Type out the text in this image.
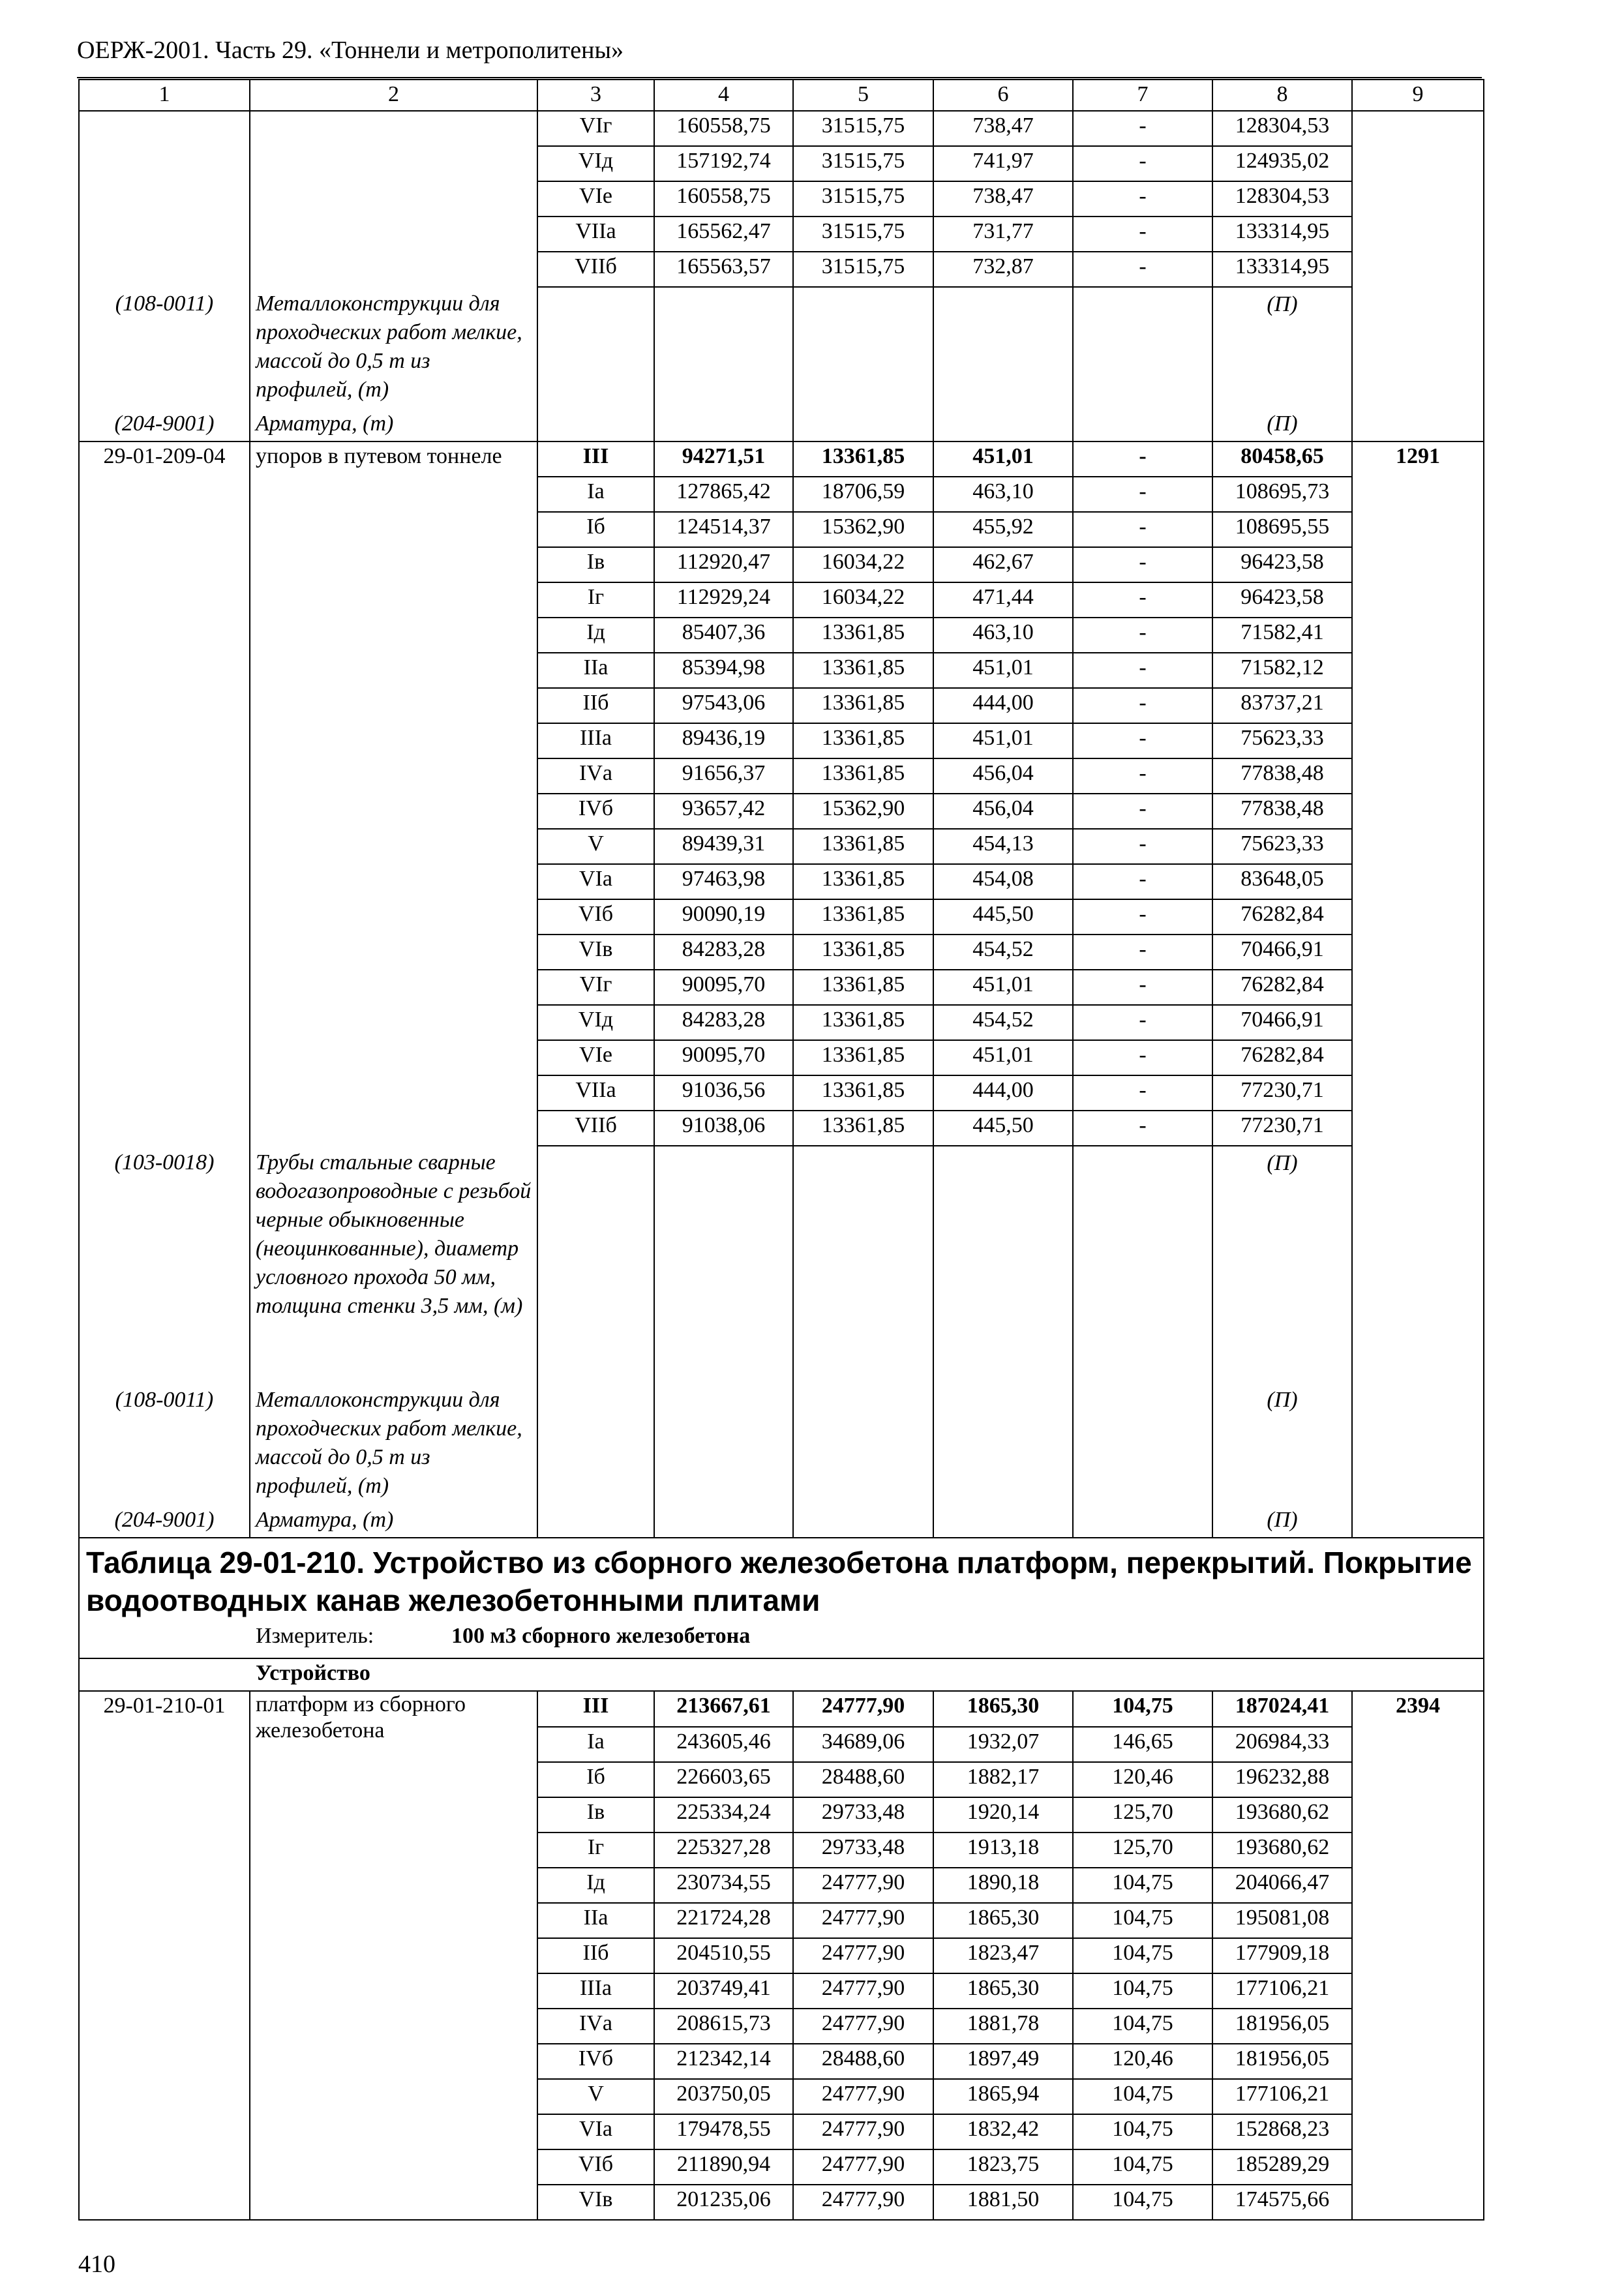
ОЕРЖ-2001. Часть 29. «Тоннели и метрополитены»
1	2	3	4	5	6	7	8	9
		VIг	160558,75	31515,75	738,47	-	128304,53	
		VIд	157192,74	31515,75	741,97	-	124935,02	
		VIе	160558,75	31515,75	738,47	-	128304,53	
		VIIа	165562,47	31515,75	731,77	-	133314,95	
		VIIб	165563,57	31515,75	732,87	-	133314,95	
(108-0011)	Металлоконструкции для проходческих работ мелкие, массой до 0,5 т из профилей, (т)						(П)	
(204-9001)	Арматура, (т)						(П)	
29-01-209-04	упоров в путевом тоннеле	III	94271,51	13361,85	451,01	-	80458,65	1291
		Iа	127865,42	18706,59	463,10	-	108695,73	
		Iб	124514,37	15362,90	455,92	-	108695,55	
		Iв	112920,47	16034,22	462,67	-	96423,58	
		Iг	112929,24	16034,22	471,44	-	96423,58	
		Iд	85407,36	13361,85	463,10	-	71582,41	
		IIа	85394,98	13361,85	451,01	-	71582,12	
		IIб	97543,06	13361,85	444,00	-	83737,21	
		IIIа	89436,19	13361,85	451,01	-	75623,33	
		IVа	91656,37	13361,85	456,04	-	77838,48	
		IVб	93657,42	15362,90	456,04	-	77838,48	
		V	89439,31	13361,85	454,13	-	75623,33	
		VIа	97463,98	13361,85	454,08	-	83648,05	
		VIб	90090,19	13361,85	445,50	-	76282,84	
		VIв	84283,28	13361,85	454,52	-	70466,91	
		VIг	90095,70	13361,85	451,01	-	76282,84	
		VIд	84283,28	13361,85	454,52	-	70466,91	
		VIе	90095,70	13361,85	451,01	-	76282,84	
		VIIа	91036,56	13361,85	444,00	-	77230,71	
		VIIб	91038,06	13361,85	445,50	-	77230,71	
(103-0018)	Трубы стальные сварные водогазопроводные с резьбой черные обыкновенные (неоцинкованные), диаметр условного прохода 50 мм, толщина стенки 3,5 мм, (м)						(П)	
(108-0011)	Металлоконструкции для проходческих работ мелкие, массой до 0,5 т из профилей, (т)						(П)	
(204-9001)	Арматура, (т)						(П)	
Таблица 29-01-210. Устройство из сборного железобетона платформ, перекрытий. Покрытие водоотводных канав железобетонными плитами								
Измеритель: 100 м3 сборного железобетона								
Устройство								
29-01-210-01	платформ из сборного железобетона	III	213667,61	24777,90	1865,30	104,75	187024,41	2394
		Iа	243605,46	34689,06	1932,07	146,65	206984,33	
		Iб	226603,65	28488,60	1882,17	120,46	196232,88	
		Iв	225334,24	29733,48	1920,14	125,70	193680,62	
		Iг	225327,28	29733,48	1913,18	125,70	193680,62	
		Iд	230734,55	24777,90	1890,18	104,75	204066,47	
		IIа	221724,28	24777,90	1865,30	104,75	195081,08	
		IIб	204510,55	24777,90	1823,47	104,75	177909,18	
		IIIа	203749,41	24777,90	1865,30	104,75	177106,21	
		IVа	208615,73	24777,90	1881,78	104,75	181956,05	
		IVб	212342,14	28488,60	1897,49	120,46	181956,05	
		V	203750,05	24777,90	1865,94	104,75	177106,21	
		VIа	179478,55	24777,90	1832,42	104,75	152868,23	
		VIб	211890,94	24777,90	1823,75	104,75	185289,29	
		VIв	201235,06	24777,90	1881,50	104,75	174575,66	
410
